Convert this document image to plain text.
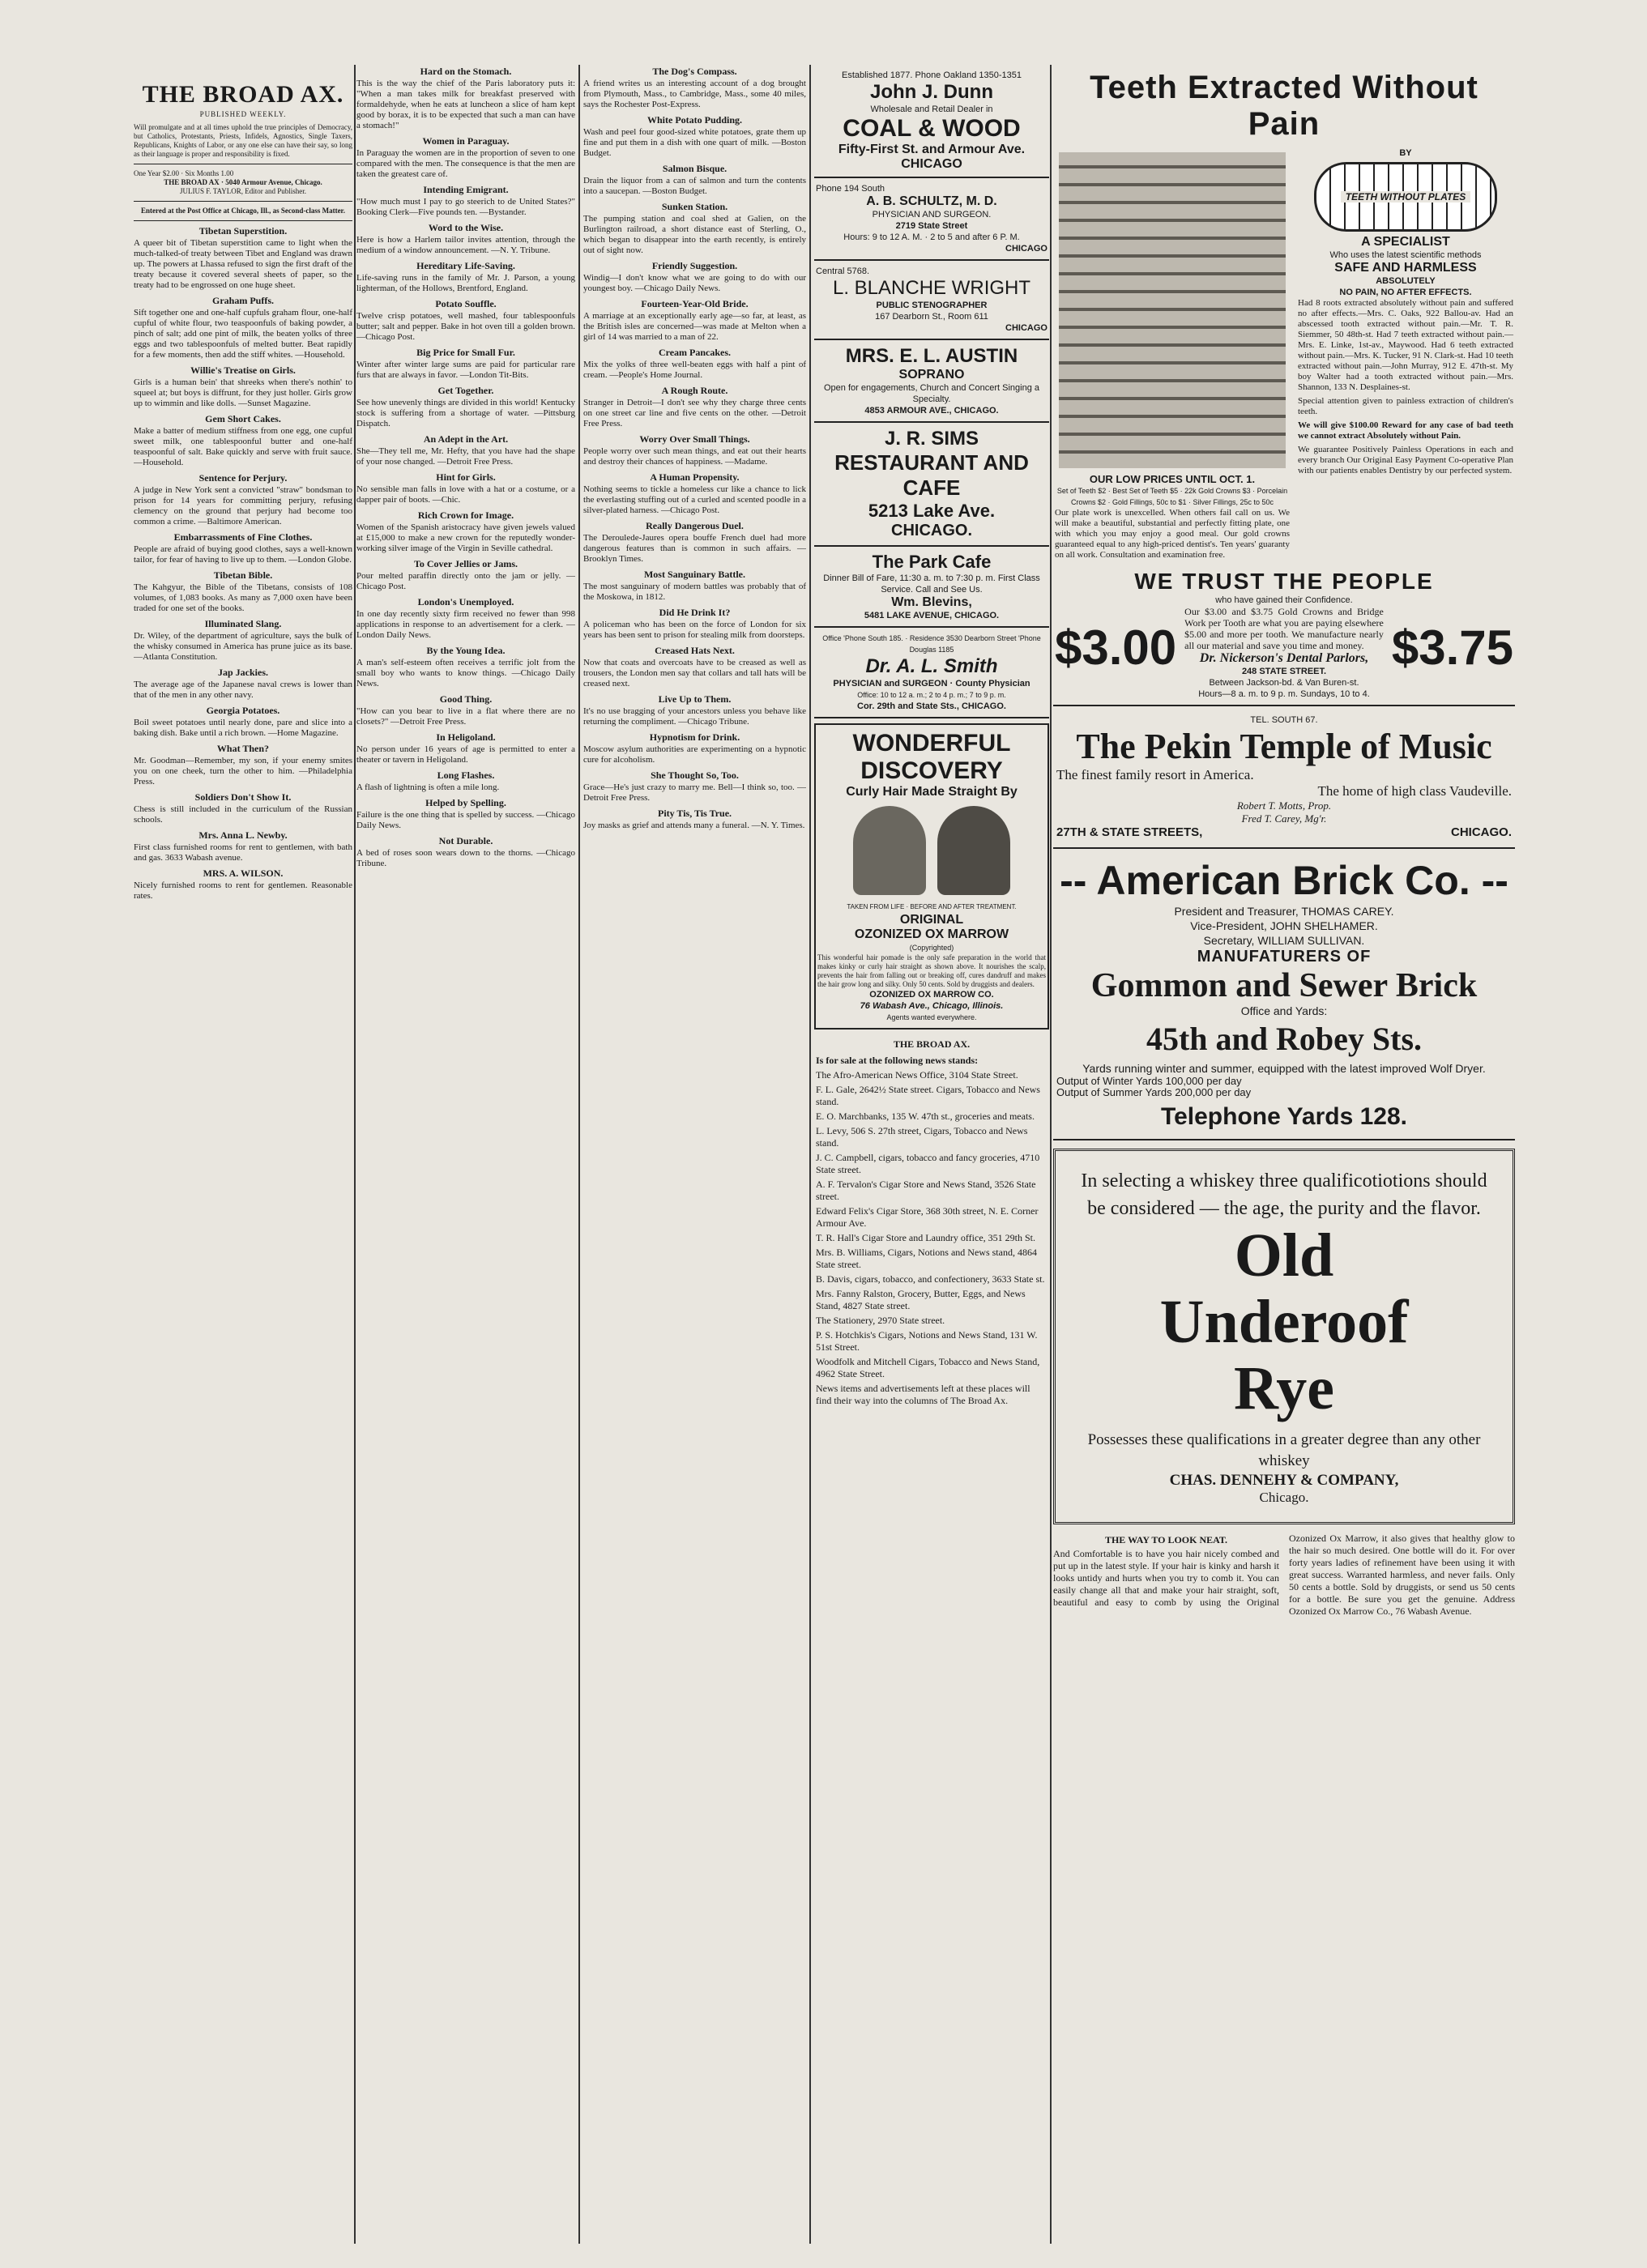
THE BROAD AX.
PUBLISHED WEEKLY.
Will promulgate and at all times uphold the true principles of Democracy, but Catholics, Protestants, Priests, Infidels, Agnostics, Single Taxers, Republicans, Knights of Labor, or any one else can have their say, so long as their language is proper and responsibility is fixed.
One Year $2.00 · Six Months 1.00
THE BROAD AX · 5040 Armour Avenue, Chicago.
JULIUS F. TAYLOR, Editor and Publisher.
Entered at the Post Office at Chicago, Ill., as Second-class Matter.
Tibetan Superstition.

A queer bit of Tibetan superstition came to light when the much-talked-of treaty between Tibet and England was drawn up. The powers at Lhassa refused to sign the first draft of the treaty because it covered several sheets of paper, so the treaty had to be engrossed on one huge sheet.

Graham Puffs.

Sift together one and one-half cupfuls graham flour, one-half cupful of white flour, two teaspoonfuls of baking powder, a pinch of salt; add one pint of milk, the beaten yolks of three eggs and two tablespoonfuls of melted butter. Beat rapidly for a few moments, then add the stiff whites. —Household.

Willie's Treatise on Girls.

Girls is a human bein' that shreeks when there's nothin' to squeel at; but boys is diffrunt, for they just holler. Girls grow up to wimmin and like dolls. —Sunset Magazine.

Gem Short Cakes.

Make a batter of medium stiffness from one egg, one cupful sweet milk, one tablespoonful butter and one-half teaspoonful of salt. Bake quickly and serve with fruit sauce. —Household.

Sentence for Perjury.

A judge in New York sent a convicted "straw" bondsman to prison for 14 years for committing perjury, refusing clemency on the ground that perjury had become too common a crime. —Baltimore American.

Embarrassments of Fine Clothes.

People are afraid of buying good clothes, says a well-known tailor, for fear of having to live up to them. —London Globe.

Tibetan Bible.

The Kahgyur, the Bible of the Tibetans, consists of 108 volumes, of 1,083 books. As many as 7,000 oxen have been traded for one set of the books.

Illuminated Slang.

Dr. Wiley, of the department of agriculture, says the bulk of the whisky consumed in America has prune juice as its base. —Atlanta Constitution.

Jap Jackies.

The average age of the Japanese naval crews is lower than that of the men in any other navy.

Georgia Potatoes.

Boil sweet potatoes until nearly done, pare and slice into a baking dish. Bake until a rich brown. —Home Magazine.

What Then?

Mr. Goodman—Remember, my son, if your enemy smites you on one cheek, turn the other to him. —Philadelphia Press.

Soldiers Don't Show It.

Chess is still included in the curriculum of the Russian schools.

Mrs. Anna L. Newby.

First class furnished rooms for rent to gentlemen, with bath and gas. 3633 Wabash avenue.

MRS. A. WILSON.

Nicely furnished rooms to rent for gentlemen. Reasonable rates.

Hard on the Stomach.

This is the way the chief of the Paris laboratory puts it: "When a man takes milk for breakfast preserved with formaldehyde, when he eats at luncheon a slice of ham kept good by borax, it is to be expected that such a man can have a stomach!"

Women in Paraguay.

In Paraguay the women are in the proportion of seven to one compared with the men. The consequence is that the men are taken the greatest care of.

Intending Emigrant.

"How much must I pay to go steerich to de United States?" Booking Clerk—Five pounds ten. —Bystander.

Word to the Wise.

Here is how a Harlem tailor invites attention, through the medium of a window announcement. —N. Y. Tribune.

Hereditary Life-Saving.

Life-saving runs in the family of Mr. J. Parson, a young lighterman, of the Hollows, Brentford, England.

Potato Souffle.

Twelve crisp potatoes, well mashed, four tablespoonfuls butter; salt and pepper. Bake in hot oven till a golden brown. —Chicago Post.

Big Price for Small Fur.

Winter after winter large sums are paid for particular rare furs that are always in favor. —London Tit-Bits.

Get Together.

See how unevenly things are divided in this world! Kentucky stock is suffering from a shortage of water. —Pittsburg Dispatch.

An Adept in the Art.

She—They tell me, Mr. Hefty, that you have had the shape of your nose changed. —Detroit Free Press.

Hint for Girls.

No sensible man falls in love with a hat or a costume, or a dapper pair of boots. —Chic.

Rich Crown for Image.

Women of the Spanish aristocracy have given jewels valued at £15,000 to make a new crown for the reputedly wonder-working silver image of the Virgin in Seville cathedral.

To Cover Jellies or Jams.

Pour melted paraffin directly onto the jam or jelly. —Chicago Post.

London's Unemployed.

In one day recently sixty firm received no fewer than 998 applications in response to an advertisement for a clerk. —London Daily News.

By the Young Idea.

A man's self-esteem often receives a terrific jolt from the small boy who wants to know things. —Chicago Daily News.

Good Thing.

"How can you bear to live in a flat where there are no closets?" —Detroit Free Press.

In Heligoland.

No person under 16 years of age is permitted to enter a theater or tavern in Heligoland.

Long Flashes.

A flash of lightning is often a mile long.

Helped by Spelling.

Failure is the one thing that is spelled by success. —Chicago Daily News.

Not Durable.

A bed of roses soon wears down to the thorns. —Chicago Tribune.

The Dog's Compass.

A friend writes us an interesting account of a dog brought from Plymouth, Mass., to Cambridge, Mass., some 40 miles, says the Rochester Post-Express.

White Potato Pudding.

Wash and peel four good-sized white potatoes, grate them up fine and put them in a dish with one quart of milk. —Boston Budget.

Salmon Bisque.

Drain the liquor from a can of salmon and turn the contents into a saucepan. —Boston Budget.

Sunken Station.

The pumping station and coal shed at Galien, on the Burlington railroad, a short distance east of Sterling, O., which began to disappear into the earth recently, is entirely out of sight now.

Friendly Suggestion.

Windig—I don't know what we are going to do with our youngest boy. —Chicago Daily News.

Fourteen-Year-Old Bride.

A marriage at an exceptionally early age—so far, at least, as the British isles are concerned—was made at Melton when a girl of 14 was married to a man of 22.

Cream Pancakes.

Mix the yolks of three well-beaten eggs with half a pint of cream. —People's Home Journal.

A Rough Route.

Stranger in Detroit—I don't see why they charge three cents on one street car line and five cents on the other. —Detroit Free Press.

Worry Over Small Things.

People worry over such mean things, and eat out their hearts and destroy their chances of happiness. —Madame.

A Human Propensity.

Nothing seems to tickle a homeless cur like a chance to lick the everlasting stuffing out of a curled and scented poodle in a silver-plated harness. —Chicago Post.

Really Dangerous Duel.

The Deroulede-Jaures opera bouffe French duel had more dangerous features than is common in such affairs. —Brooklyn Times.

Most Sanguinary Battle.

The most sanguinary of modern battles was probably that of the Moskowa, in 1812.

Did He Drink It?

A policeman who has been on the force of London for six years has been sent to prison for stealing milk from doorsteps.

Creased Hats Next.

Now that coats and overcoats have to be creased as well as trousers, the London men say that collars and tall hats will be creased next.

Live Up to Them.

It's no use bragging of your ancestors unless you behave like returning the compliment. —Chicago Tribune.

Hypnotism for Drink.

Moscow asylum authorities are experimenting on a hypnotic cure for alcoholism.

She Thought So, Too.

Grace—He's just crazy to marry me. Bell—I think so, too. —Detroit Free Press.

Pity Tis, Tis True.

Joy masks as grief and attends many a funeral. —N. Y. Times.

Established 1877. Phone Oakland 1350-1351
John J. Dunn
Wholesale and Retail Dealer in
COAL & WOOD
Fifty-First St. and Armour Ave.
CHICAGO
Phone 194 South
A. B. SCHULTZ, M. D.
PHYSICIAN AND SURGEON.
2719 State Street
Hours: 9 to 12 A. M. · 2 to 5 and after 6 P. M.
CHICAGO
Central 5768.
L. BLANCHE WRIGHT
PUBLIC STENOGRAPHER
167 Dearborn St., Room 611
CHICAGO
MRS. E. L. AUSTIN
SOPRANO
Open for engagements, Church and Concert Singing a Specialty.
4853 ARMOUR AVE., CHICAGO.
J. R. SIMS
RESTAURANT AND CAFE
5213 Lake Ave.
CHICAGO.
The Park Cafe
Dinner Bill of Fare, 11:30 a. m. to 7:30 p. m. First Class Service. Call and See Us.
Wm. Blevins,
5481 LAKE AVENUE, CHICAGO.
Office 'Phone South 185. · Residence 3530 Dearborn Street 'Phone Douglas 1185
Dr. A. L. Smith
PHYSICIAN and SURGEON · County Physician
Office: 10 to 12 a. m.; 2 to 4 p. m.; 7 to 9 p. m.
Cor. 29th and State Sts., CHICAGO.
WONDERFUL
DISCOVERY
Curly Hair Made Straight By
TAKEN FROM LIFE · BEFORE AND AFTER TREATMENT.
ORIGINAL
OZONIZED OX MARROW
(Copyrighted)
This wonderful hair pomade is the only safe preparation in the world that makes kinky or curly hair straight as shown above. It nourishes the scalp, prevents the hair from falling out or breaking off, cures dandruff and makes the hair grow long and silky. Only 50 cents. Sold by druggists and dealers.
OZONIZED OX MARROW CO.
76 Wabash Ave., Chicago, Illinois.
Agents wanted everywhere.
THE BROAD AX.
Is for sale at the following news stands:
The Afro-American News Office, 3104 State Street.
F. L. Gale, 2642½ State street. Cigars, Tobacco and News stand.
E. O. Marchbanks, 135 W. 47th st., groceries and meats.
L. Levy, 506 S. 27th street, Cigars, Tobacco and News stand.
J. C. Campbell, cigars, tobacco and fancy groceries, 4710 State street.
A. F. Tervalon's Cigar Store and News Stand, 3526 State street.
Edward Felix's Cigar Store, 368 30th street, N. E. Corner Armour Ave.
T. R. Hall's Cigar Store and Laundry office, 351 29th St.
Mrs. B. Williams, Cigars, Notions and News stand, 4864 State street.
B. Davis, cigars, tobacco, and confectionery, 3633 State st.
Mrs. Fanny Ralston, Grocery, Butter, Eggs, and News Stand, 4827 State street.
The Stationery, 2970 State street.
P. S. Hotchkis's Cigars, Notions and News Stand, 131 W. 51st Street.
Woodfolk and Mitchell Cigars, Tobacco and News Stand, 4962 State Street.
News items and advertisements left at these places will find their way into the columns of The Broad Ax.
Teeth Extracted Without Pain
OUR LOW PRICES UNTIL OCT. 1.
Set of Teeth $2 · Best Set of Teeth $5 · 22k Gold Crowns $3 · Porcelain Crowns $2 · Gold Fillings, 50c to $1 · Silver Fillings, 25c to 50c
Our plate work is unexcelled. When others fail call on us. We will make a beautiful, substantial and perfectly fitting plate, one with which you may enjoy a good meal. Our gold crowns guaranteed equal to any high-priced dentist's. Ten years' guaranty on all work. Consultation and examination free.
BY
TEETH WITHOUT PLATES
A SPECIALIST
Who uses the latest scientific methods
SAFE AND HARMLESS
ABSOLUTELY
NO PAIN, NO AFTER EFFECTS.
Had 8 roots extracted absolutely without pain and suffered no after effects.—Mrs. C. Oaks, 922 Ballou-av. Had an abscessed tooth extracted without pain.—Mr. T. R. Siemmer, 50 48th-st. Had 7 teeth extracted without pain.—Mrs. E. Linke, 1st-av., Maywood. Had 6 teeth extracted without pain.—Mrs. K. Tucker, 91 N. Clark-st. Had 10 teeth extracted without pain.—John Murray, 912 E. 47th-st. My boy Walter had a tooth extracted without pain.—Mrs. Shannon, 133 N. Desplaines-st.
Special attention given to painless extraction of children's teeth.
We will give $100.00 Reward for any case of bad teeth we cannot extract Absolutely without Pain.
We guarantee Positively Painless Operations in each and every branch Our Original Easy Payment Co-operative Plan with our patients enables Dentistry by our perfected system.
WE TRUST THE PEOPLE
$3.00
who have gained their Confidence.
Our $3.00 and $3.75 Gold Crowns and Bridge Work per Tooth are what you are paying elsewhere $5.00 and more per tooth. We manufacture nearly all our material and save you time and money.
Dr. Nickerson's Dental Parlors,
248 STATE STREET.
Between Jackson-bd. & Van Buren-st.
Hours—8 a. m. to 9 p. m. Sundays, 10 to 4.
$3.75
TEL. SOUTH 67.
The Pekin Temple of Music
The finest family resort in America.
The home of high class Vaudeville.
Robert T. Motts, Prop.
Fred T. Carey, Mg'r.
27TH & STATE STREETS,	CHICAGO.
-- American Brick Co. --
President and Treasurer, THOMAS CAREY.
Vice-President, JOHN SHELHAMER.
Secretary, WILLIAM SULLIVAN.
MANUFATURERS OF
Gommon and Sewer Brick
Office and Yards:
45th and Robey Sts.
Yards running winter and summer, equipped with the latest improved Wolf Dryer.
Output of Winter Yards 100,000 per day
Output of Summer Yards 200,000 per day
Telephone Yards 128.
In selecting a whiskey three qualificotiotions should be considered — the age, the purity and the flavor.
Old
Underoof
Rye
Possesses these qualifications in a greater degree than any other whiskey
CHAS. DENNEHY & COMPANY,
Chicago.
THE WAY TO LOOK NEAT.

And Comfortable is to have you hair nicely combed and put up in the latest style. If your hair is kinky and harsh it looks untidy and hurts when you try to comb it. You can easily change all that and make your hair straight, soft, beautiful and easy to comb by using the Original Ozonized Ox Marrow, it also gives that healthy glow to the hair so much desired. One bottle will do it. For over forty years ladies of refinement have been using it with great success. Warranted harmless, and never fails. Only 50 cents a bottle. Sold by druggists, or send us 50 cents for a bottle. Be sure you get the genuine. Address Ozonized Ox Marrow Co., 76 Wabash Avenue.
